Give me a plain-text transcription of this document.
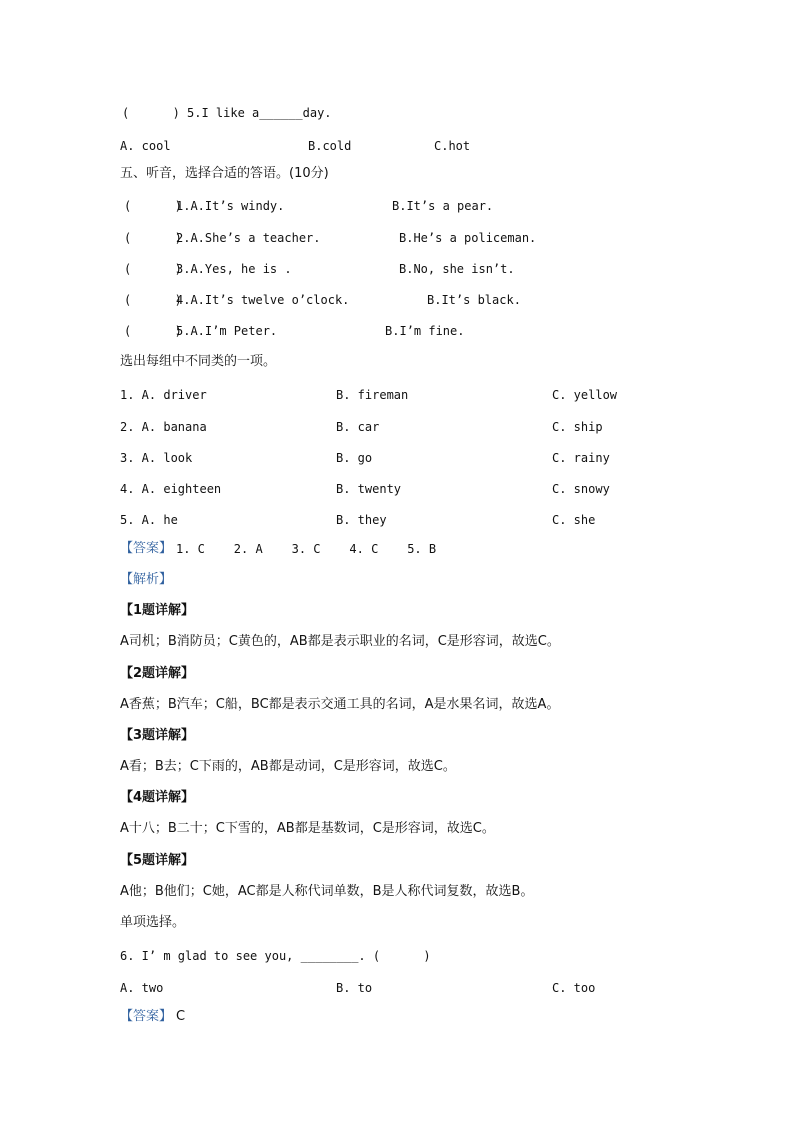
(      ) 5.I like a______day.

A. cool

	B.cold

	C.hot

五、听音，选择合适的答语。(10分)

(      )

1.A.It’s windy.

	B.It’s a pear.

(      )

2.A.She’s a teacher.

	B.He’s a policeman.

(      )

3.A.Yes, he is .

	B.No, she isn’t.

(      )

4.A.It’s twelve o’clock.

	B.It’s black.

(      )

5.A.I’m Peter.

	B.I’m fine.

选出每组中不同类的一项。

1. A. driver

	B. fireman

	C. yellow

2. A. banana

	B. car

	C. ship

3. A. look

	B. go

	C. rainy

4. A. eighteen

	B. twenty

	C. snowy

5. A. he

	B. they

	C. she

【答案】

1. C    2. A    3. C    4. C    5. B

【解析】
【1题详解】
A司机；B消防员；C黄色的，AB都是表示职业的名词，C是形容词，故选C。
【2题详解】
A香蕉；B汽车；C船，BC都是表示交通工具的名词，A是水果名词，故选A。
【3题详解】
A看；B去；C下雨的，AB都是动词，C是形容词，故选C。
【4题详解】
A十八；B二十；C下雪的，AB都是基数词，C是形容词，故选C。
【5题详解】
A他；B他们；C她，AC都是人称代词单数，B是人称代词复数，故选B。
单项选择。
6. I’ m glad to see you, ________. (      )

A. two

	B. to

	C. too

【答案】

C
